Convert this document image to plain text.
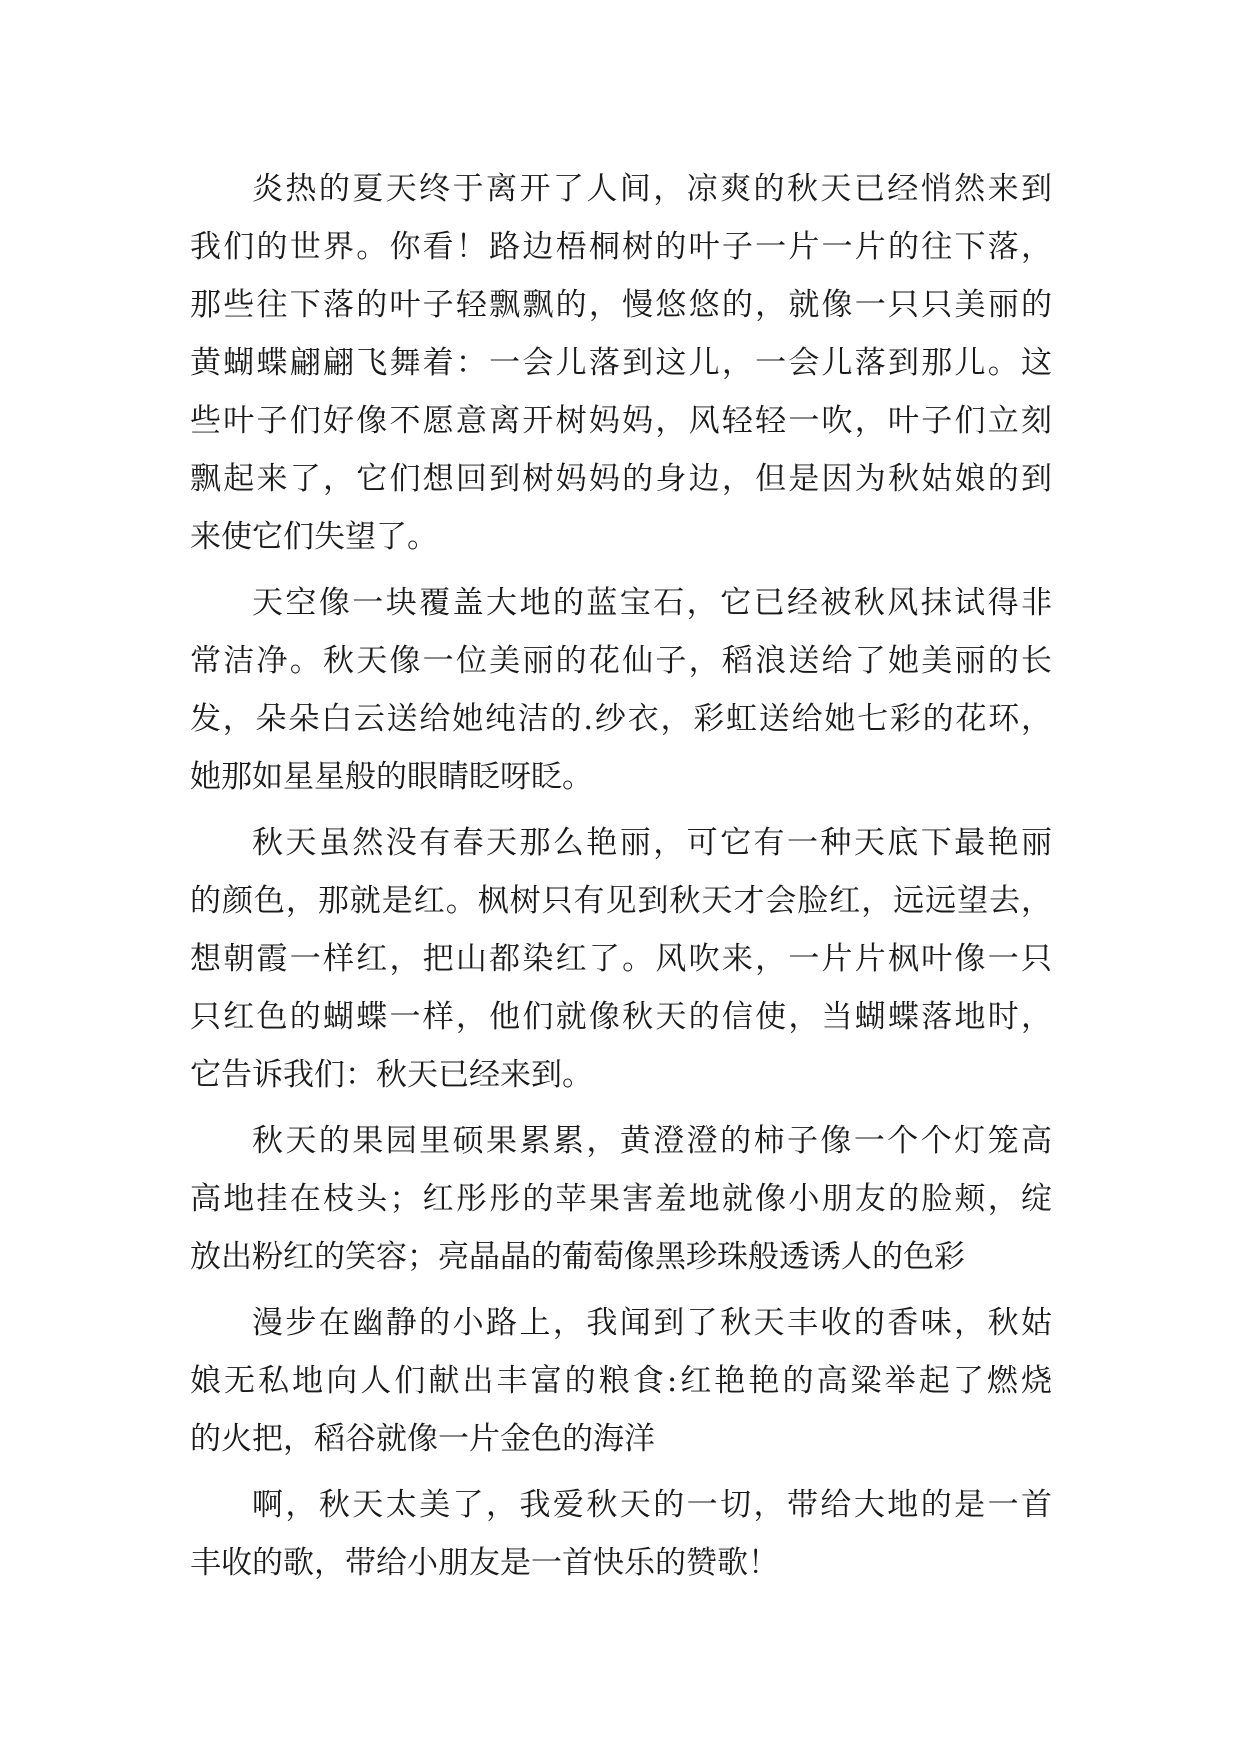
炎热的夏天终于离开了人间，凉爽的秋天已经悄然来到
我们的世界。你看！路边梧桐树的叶子一片一片的往下落，
那些往下落的叶子轻飘飘的，慢悠悠的，就像一只只美丽的
黄蝴蝶翩翩飞舞着：一会儿落到这儿，一会儿落到那儿。这
些叶子们好像不愿意离开树妈妈，风轻轻一吹，叶子们立刻
飘起来了，它们想回到树妈妈的身边，但是因为秋姑娘的到
来使它们失望了。
天空像一块覆盖大地的蓝宝石，它已经被秋风抹试得非
常洁净。秋天像一位美丽的花仙子，稻浪送给了她美丽的长
发，朵朵白云送给她纯洁的.纱衣，彩虹送给她七彩的花环，
她那如星星般的眼睛眨呀眨。
秋天虽然没有春天那么艳丽，可它有一种天底下最艳丽
的颜色，那就是红。枫树只有见到秋天才会脸红，远远望去，
想朝霞一样红，把山都染红了。风吹来，一片片枫叶像一只
只红色的蝴蝶一样，他们就像秋天的信使，当蝴蝶落地时，
它告诉我们：秋天已经来到。
秋天的果园里硕果累累，黄澄澄的柿子像一个个灯笼高
高地挂在枝头；红彤彤的苹果害羞地就像小朋友的脸颊，绽
放出粉红的笑容；亮晶晶的葡萄像黑珍珠般透诱人的色彩
漫步在幽静的小路上，我闻到了秋天丰收的香味，秋姑
娘无私地向人们献出丰富的粮食:红艳艳的高粱举起了燃烧
的火把，稻谷就像一片金色的海洋
啊，秋天太美了，我爱秋天的一切，带给大地的是一首
丰收的歌，带给小朋友是一首快乐的赞歌！
